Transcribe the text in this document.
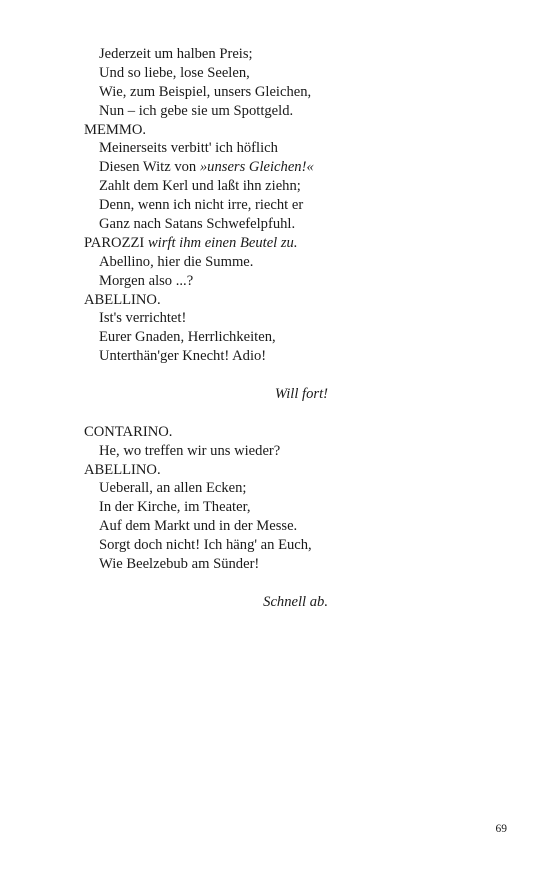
Jederzeit um halben Preis;
Und so liebe, lose Seelen,
Wie, zum Beispiel, unsers Gleichen,
Nun – ich gebe sie um Spottgeld.
MEMMO.
Meinerseits verbitt' ich höflich
Diesen Witz von »unsers Gleichen!«
Zahlt dem Kerl und laßt ihn ziehn;
Denn, wenn ich nicht irre, riecht er
Ganz nach Satans Schwefelpfuhl.
PAROZZI wirft ihm einen Beutel zu.
Abellino, hier die Summe.
Morgen also ...?
ABELLINO.
Ist's verrichtet!
Eurer Gnaden, Herrlichkeiten,
Unterthän'ger Knecht! Adio!
Will fort!
CONTARINO.
He, wo treffen wir uns wieder?
ABELLINO.
Ueberall, an allen Ecken;
In der Kirche, im Theater,
Auf dem Markt und in der Messe.
Sorgt doch nicht! Ich häng' an Euch,
Wie Beelzebub am Sünder!
Schnell ab.
69
